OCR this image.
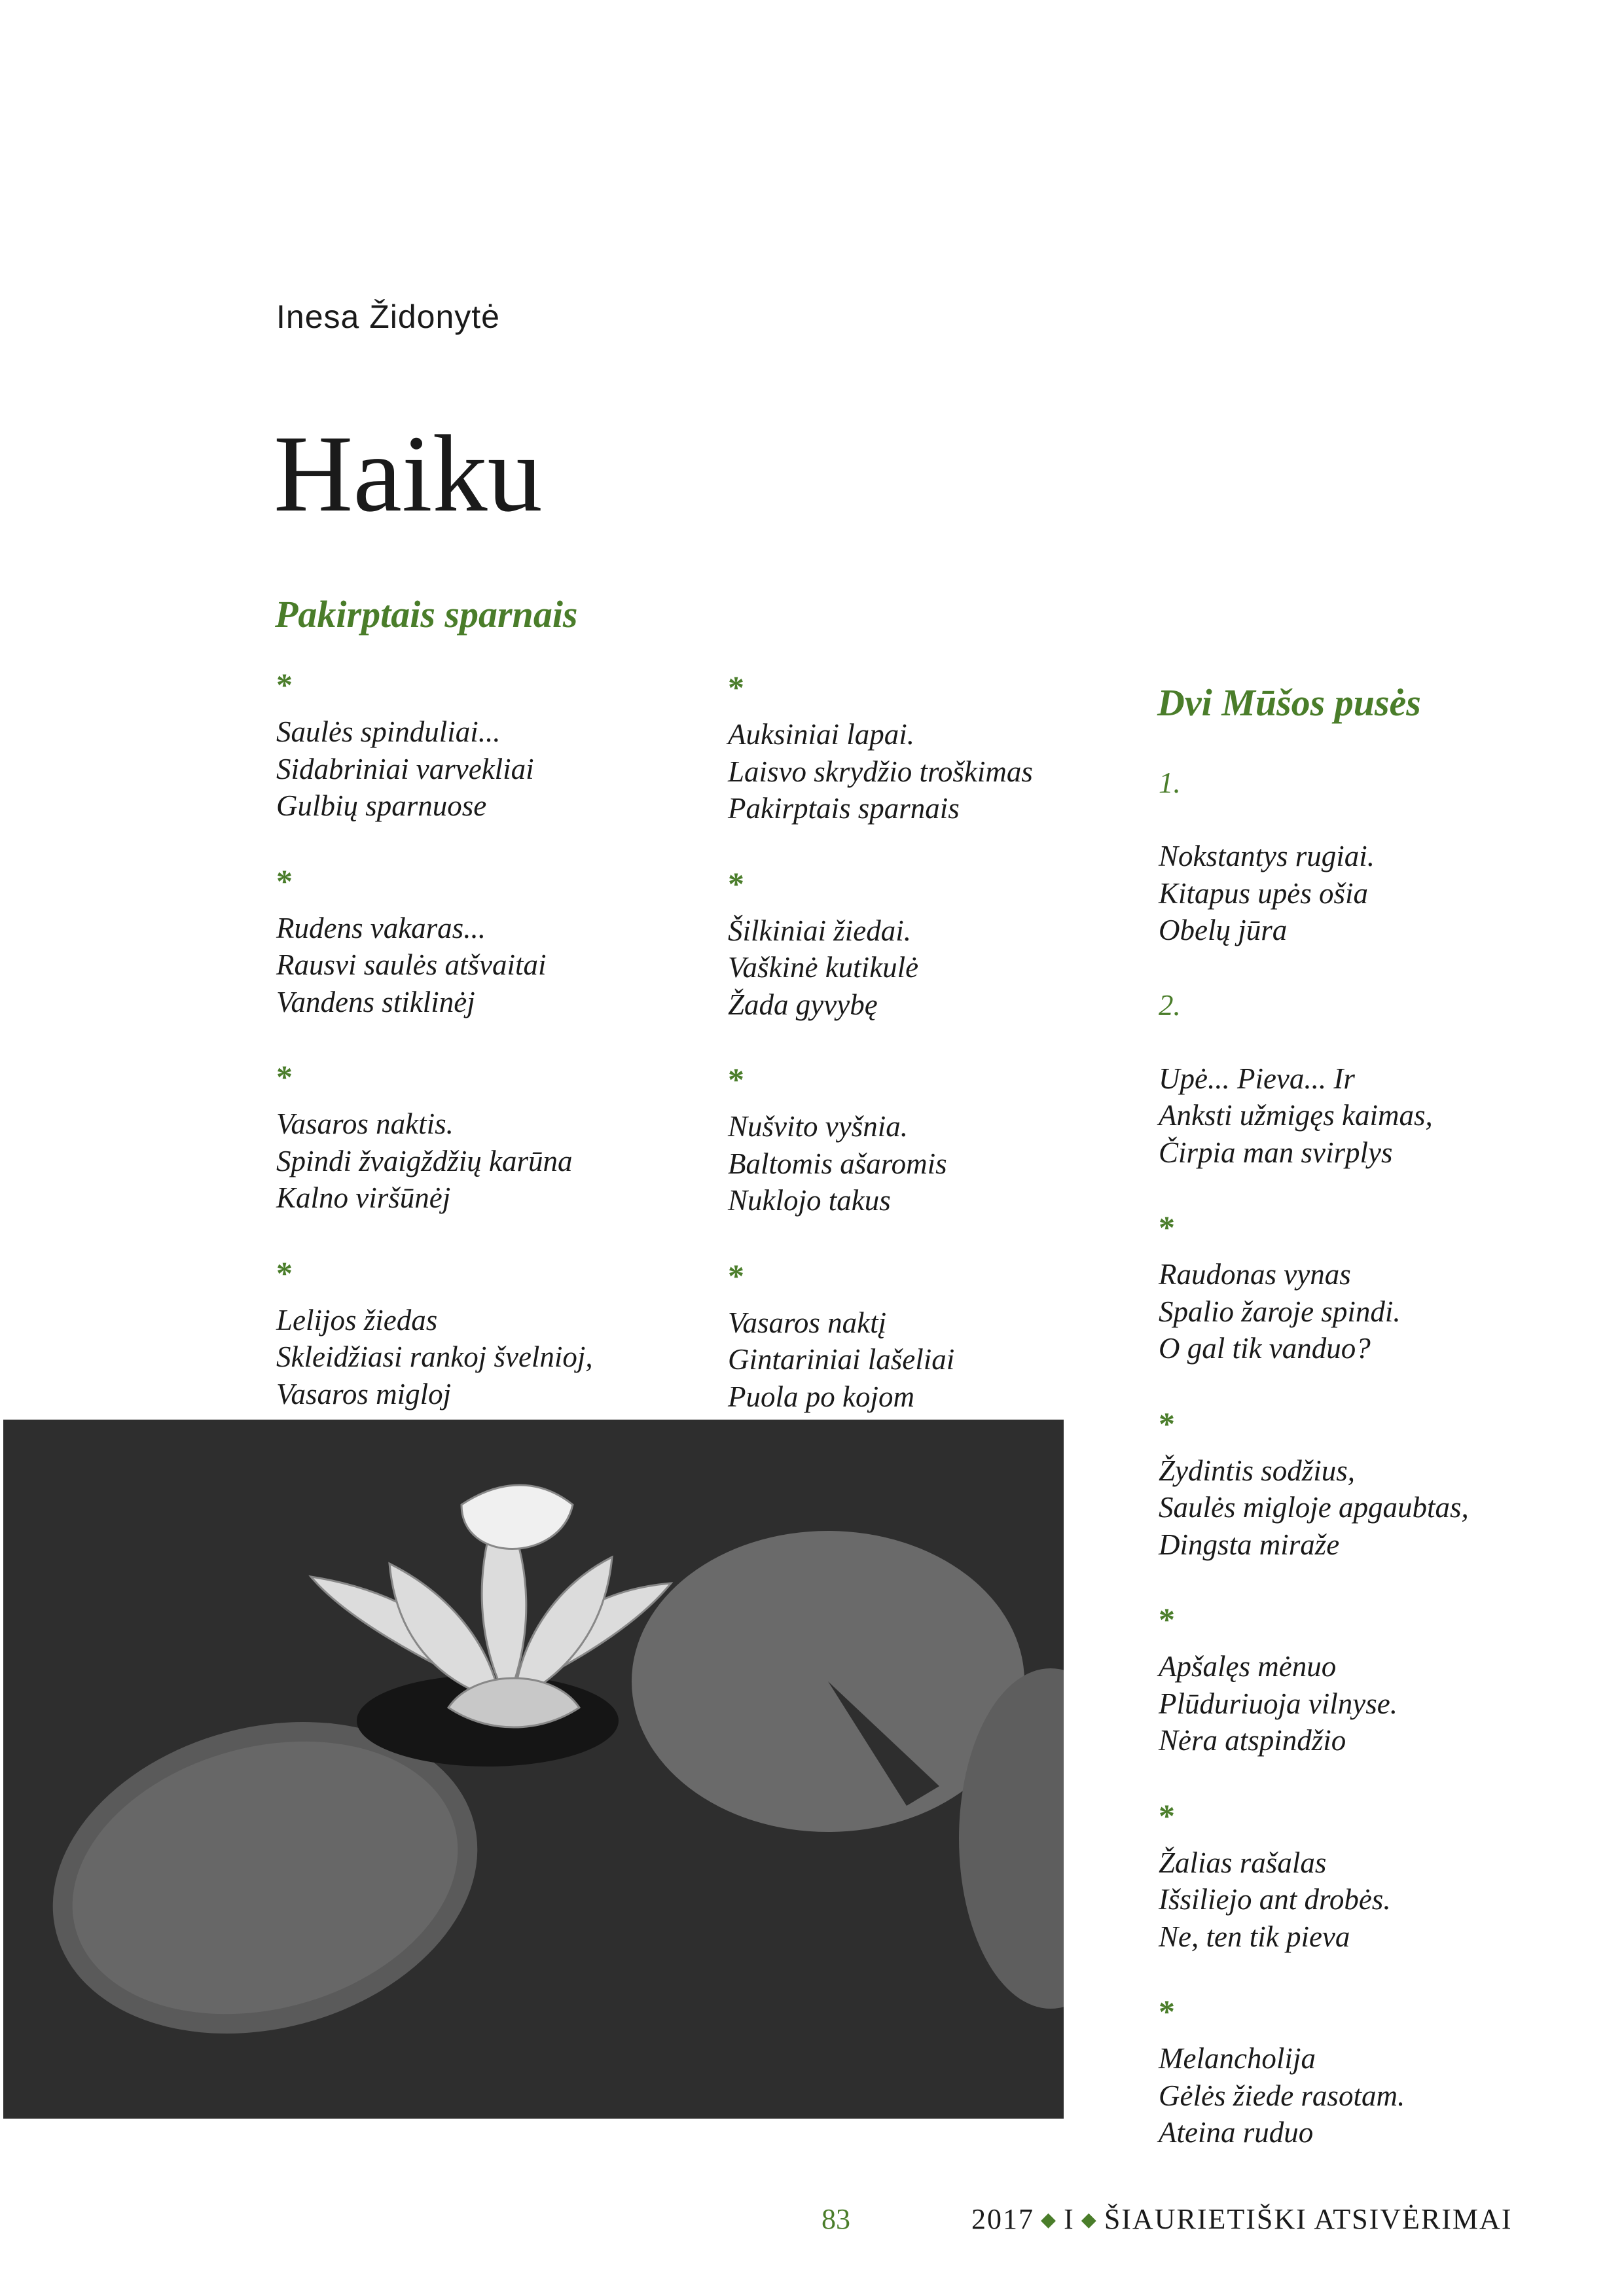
Inesa Židonytė
Haiku
Pakirptais sparnais
Dvi Mūšos pusės
*
Saulės spinduliai...
Sidabriniai varvekliai
Gulbių sparnuose
*
Rudens vakaras...
Rausvi saulės atšvaitai
Vandens stiklinėj
*
Vasaros naktis.
Spindi žvaigždžių karūna
Kalno viršūnėj
*
Lelijos žiedas
Skleidžiasi rankoj švelnioj,
Vasaros migloj
*
Auksiniai lapai.
Laisvo skrydžio troškimas
Pakirptais sparnais
*
Šilkiniai žiedai.
Vaškinė kutikulė
Žada gyvybę
*
Nušvito vyšnia.
Baltomis ašaromis
Nuklojo takus
*
Vasaros naktį
Gintariniai lašeliai
Puola po kojom
1.
Nokstantys rugiai.
Kitapus upės ošia
Obelų jūra
2.
Upė... Pieva... Ir
Anksti užmigęs kaimas,
Čirpia man svirplys
*
Raudonas vynas
Spalio žaroje spindi.
O gal tik vanduo?
*
Žydintis sodžius,
Saulės migloje apgaubtas,
Dingsta miraže
*
Apšalęs mėnuo
Plūduriuoja vilnyse.
Nėra atspindžio
*
Žalias rašalas
Išsiliejo ant drobės.
Ne, ten tik pieva
*
Melancholija
Gėlės žiede rasotam.
Ateina ruduo
83	2017 ◆ I ◆ ŠIAURIETIŠKI ATSIVĖRIMAI
